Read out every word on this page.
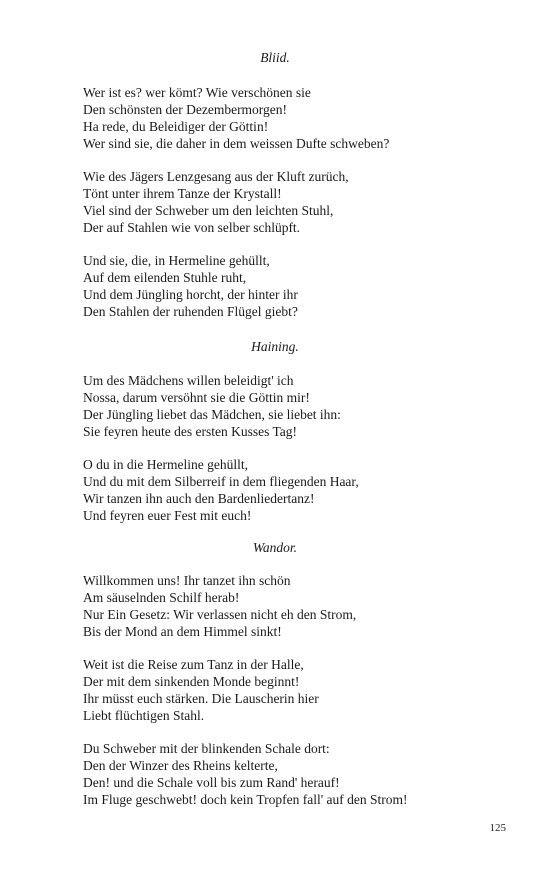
Bliid.
Wer ist es? wer kömt? Wie verschönen sie
Den schönsten der Dezembermorgen!
Ha rede, du Beleidiger der Göttin!
Wer sind sie, die daher in dem weissen Dufte schweben?
Wie des Jägers Lenzgesang aus der Kluft zurüch,
Tönt unter ihrem Tanze der Krystall!
Viel sind der Schweber um den leichten Stuhl,
Der auf Stahlen wie von selber schlüpft.
Und sie, die, in Hermeline gehüllt,
Auf dem eilenden Stuhle ruht,
Und dem Jüngling horcht, der hinter ihr
Den Stahlen der ruhenden Flügel giebt?
Haining.
Um des Mädchens willen beleidigt' ich
Nossa, darum versöhnt sie die Göttin mir!
Der Jüngling liebet das Mädchen, sie liebet ihn:
Sie feyren heute des ersten Kusses Tag!
O du in die Hermeline gehüllt,
Und du mit dem Silberreif in dem fliegenden Haar,
Wir tanzen ihn auch den Bardenliedertanz!
Und feyren euer Fest mit euch!
Wandor.
Willkommen uns! Ihr tanzet ihn schön
Am säuselnden Schilf herab!
Nur Ein Gesetz: Wir verlassen nicht eh den Strom,
Bis der Mond an dem Himmel sinkt!
Weit ist die Reise zum Tanz in der Halle,
Der mit dem sinkenden Monde beginnt!
Ihr müsst euch stärken. Die Lauscherin hier
Liebt flüchtigen Stahl.
Du Schweber mit der blinkenden Schale dort:
Den der Winzer des Rheins kelterte,
Den! und die Schale voll bis zum Rand' herauf!
Im Fluge geschwebt! doch kein Tropfen fall' auf den Strom!
125
